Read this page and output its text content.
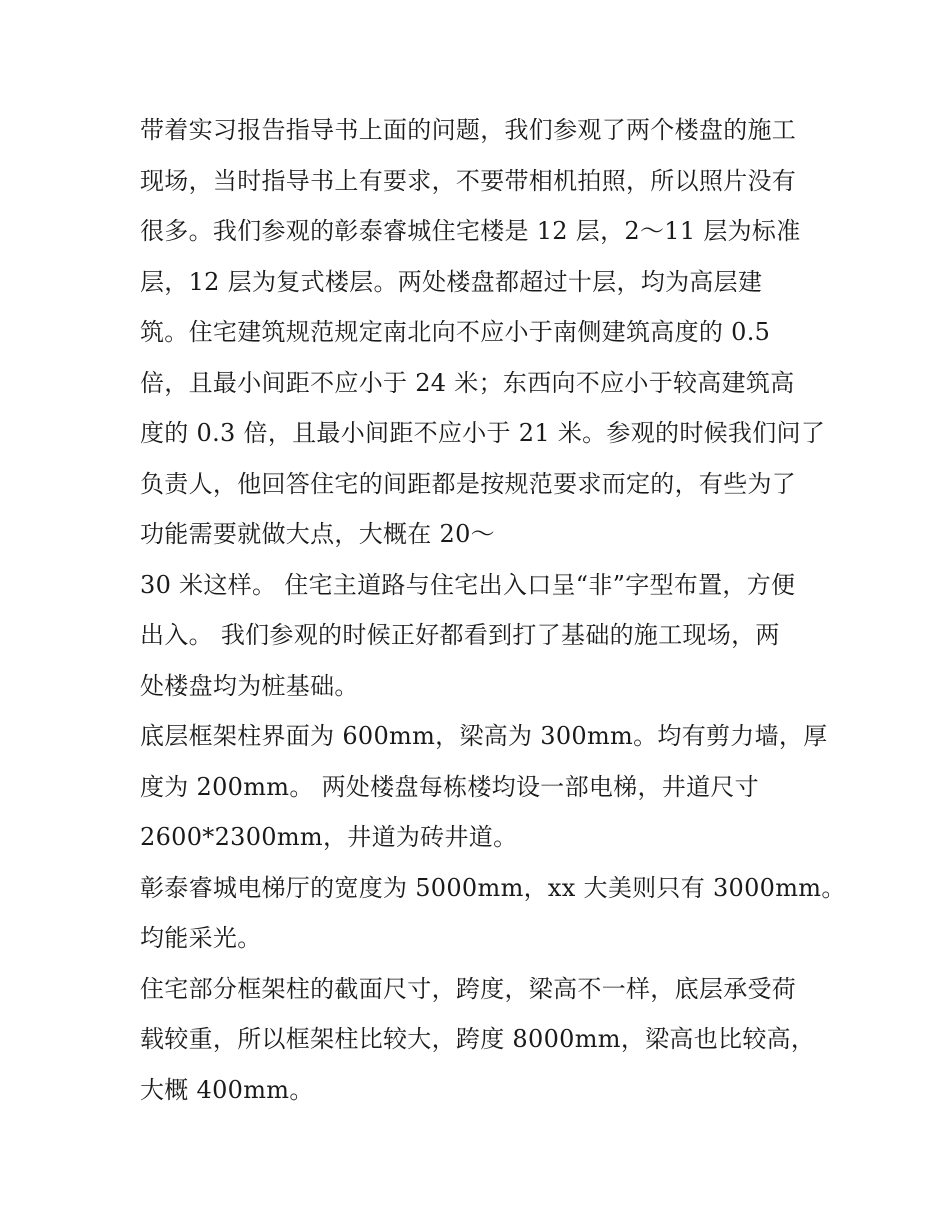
带着实习报告指导书上面的问题，我们参观了两个楼盘的施工
现场，当时指导书上有要求，不要带相机拍照，所以照片没有
很多。我们参观的彰泰睿城住宅楼是 12 层，2～11 层为标准
层，12 层为复式楼层。两处楼盘都超过十层，均为高层建
筑。住宅建筑规范规定南北向不应小于南侧建筑高度的 0.5
倍，且最小间距不应小于 24 米；东西向不应小于较高建筑高
度的 0.3 倍，且最小间距不应小于 21 米。参观的时候我们问了
负责人，他回答住宅的间距都是按规范要求而定的，有些为了
功能需要就做大点，大概在 20～
30 米这样。 住宅主道路与住宅出入口呈“非”字型布置，方便
出入。 我们参观的时候正好都看到打了基础的施工现场，两
处楼盘均为桩基础。
底层框架柱界面为 600mm，梁高为 300mm。均有剪力墙，厚
度为 200mm。 两处楼盘每栋楼均设一部电梯，井道尺寸
2600*2300mm，井道为砖井道。
彰泰睿城电梯厅的宽度为 5000mm，xx 大美则只有 3000mm。
均能采光。
住宅部分框架柱的截面尺寸，跨度，梁高不一样，底层承受荷
载较重，所以框架柱比较大，跨度 8000mm，梁高也比较高，
大概 400mm。
